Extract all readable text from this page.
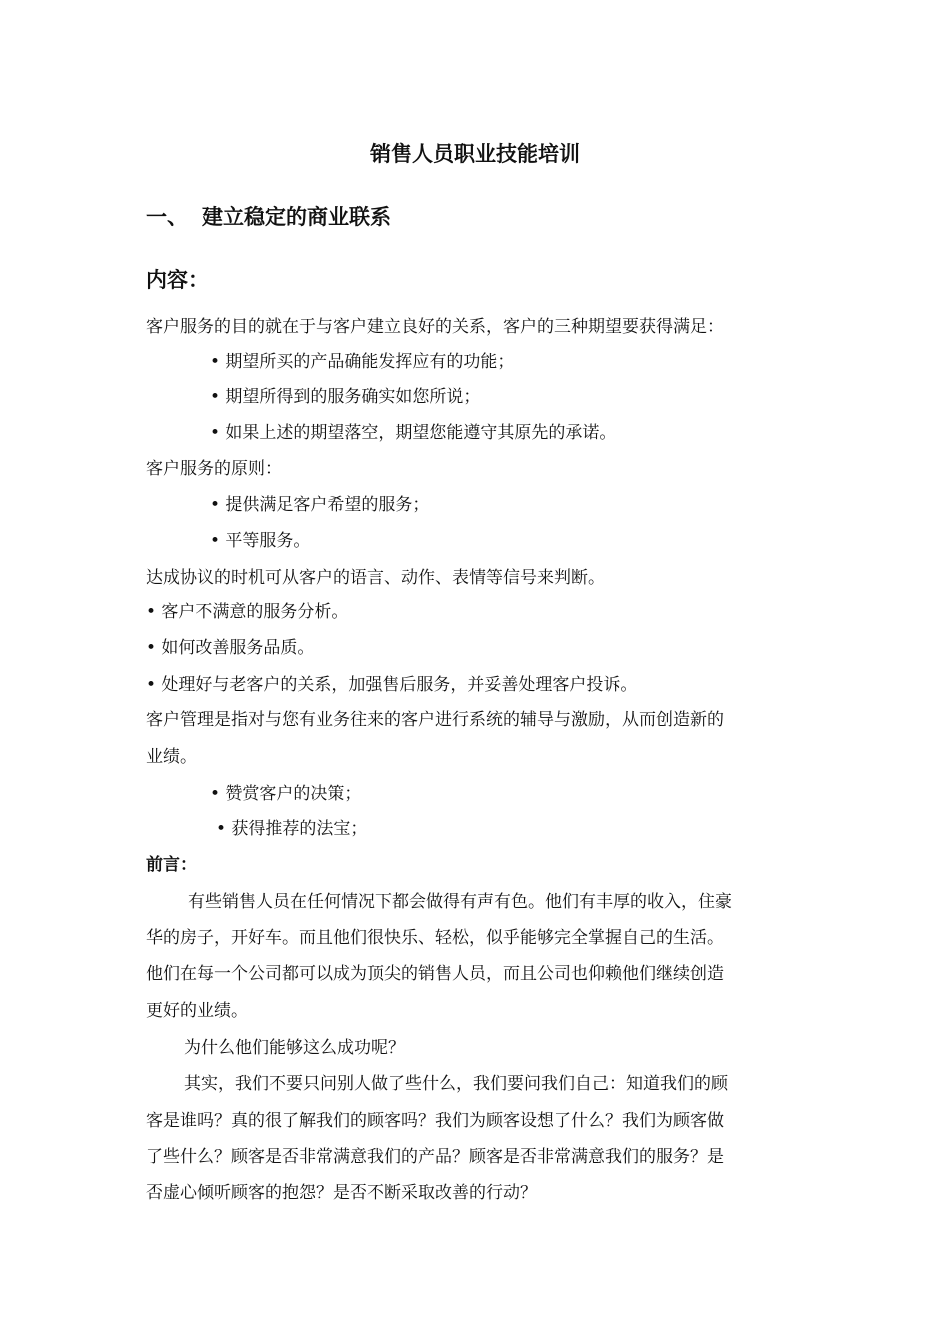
销售人员职业技能培训
一、 建立稳定的商业联系
内容：
客户服务的目的就在于与客户建立良好的关系，客户的三种期望要获得满足：
• 期望所买的产品确能发挥应有的功能；
• 期望所得到的服务确实如您所说；
• 如果上述的期望落空，期望您能遵守其原先的承诺。
客户服务的原则：
• 提供满足客户希望的服务；
• 平等服务。
达成协议的时机可从客户的语言、动作、表情等信号来判断。
• 客户不满意的服务分析。
• 如何改善服务品质。
• 处理好与老客户的关系，加强售后服务，并妥善处理客户投诉。
客户管理是指对与您有业务往来的客户进行系统的辅导与激励，从而创造新的
业绩。
• 赞赏客户的决策；
• 获得推荐的法宝；
前言：
有些销售人员在任何情况下都会做得有声有色。他们有丰厚的收入，住豪
华的房子，开好车。而且他们很快乐、轻松，似乎能够完全掌握自己的生活。
他们在每一个公司都可以成为顶尖的销售人员，而且公司也仰赖他们继续创造
更好的业绩。
为什么他们能够这么成功呢？
其实，我们不要只问别人做了些什么，我们要问我们自己：知道我们的顾
客是谁吗？真的很了解我们的顾客吗？我们为顾客设想了什么？我们为顾客做
了些什么？顾客是否非常满意我们的产品？顾客是否非常满意我们的服务？是
否虚心倾听顾客的抱怨？是否不断采取改善的行动？
